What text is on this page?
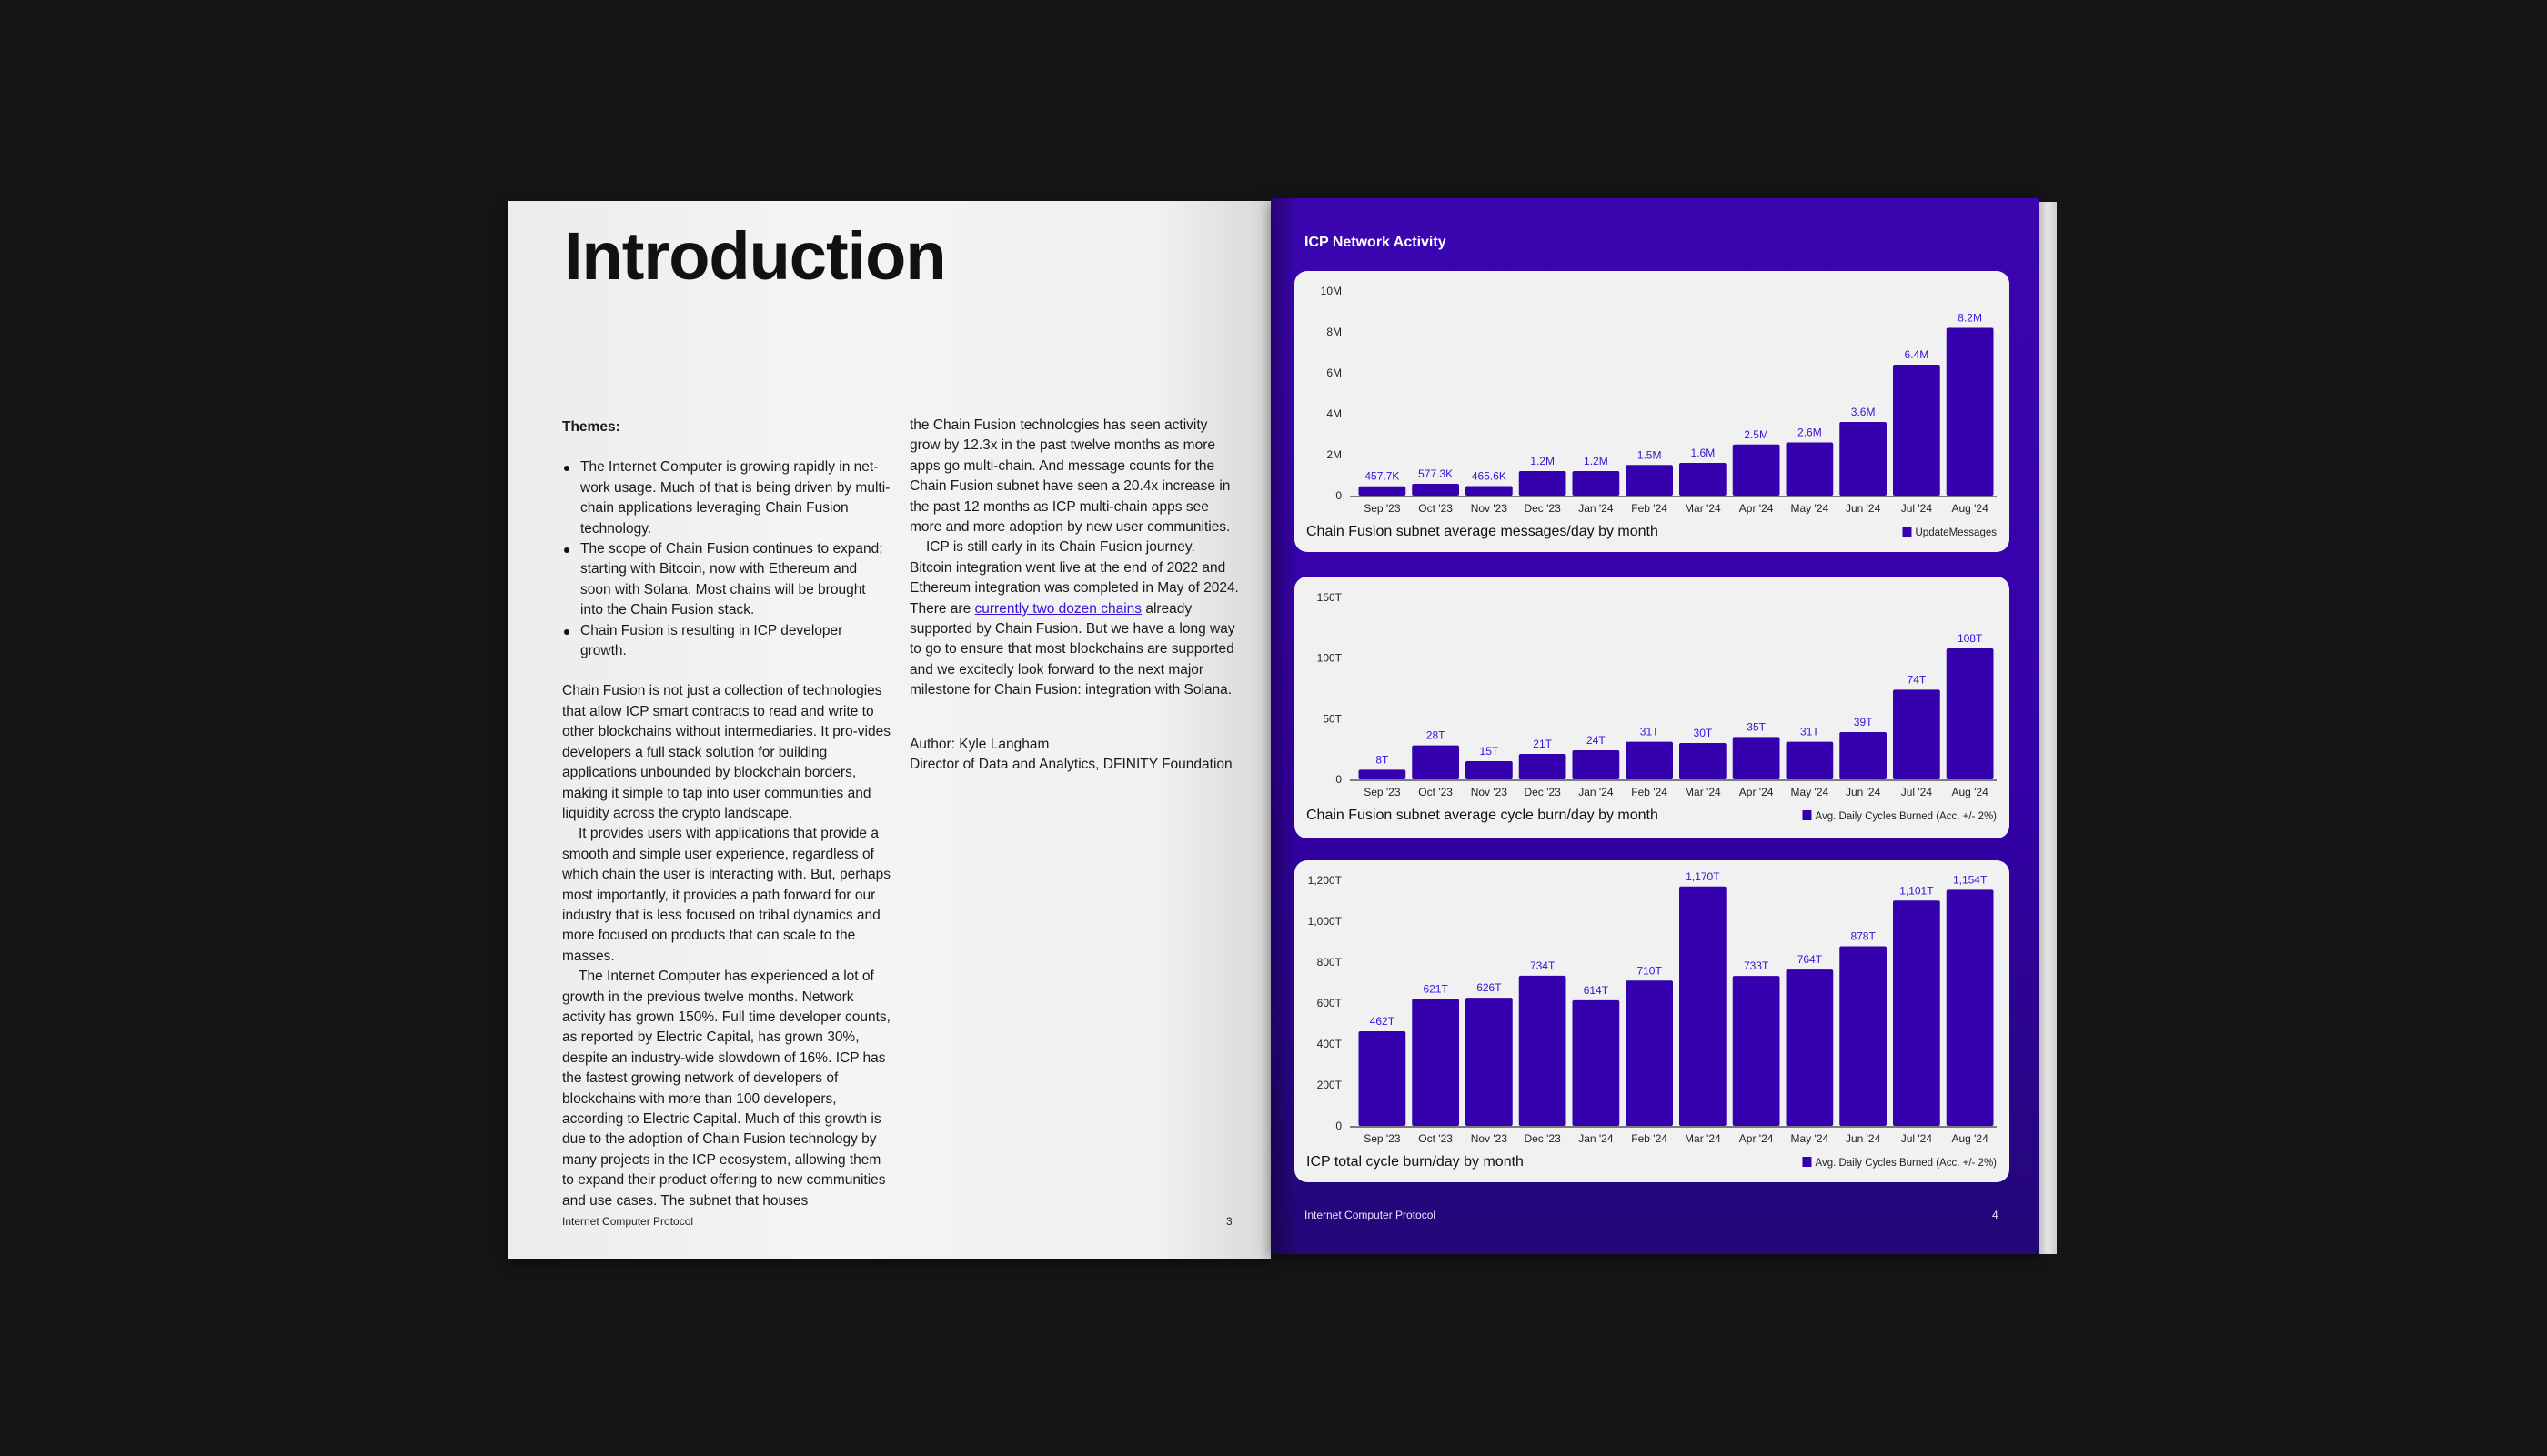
Introduction

Themes:

The Internet Computer is growing rapidly in net-work usage. Much of that is being driven by multi-chain applications leveraging Chain Fusion technology.
The scope of Chain Fusion continues to expand; starting with Bitcoin, now with Ethereum and soon with Solana. Most chains will be brought into the Chain Fusion stack.
Chain Fusion is resulting in ICP developer growth.

Chain Fusion is not just a collection of technologies that allow ICP smart contracts to read and write to other blockchains without intermediaries. It pro-vides developers a full stack solution for building applications unbounded by blockchain borders, making it simple to tap into user communities and liquidity across the crypto landscape.

It provides users with applications that provide a smooth and simple user experience, regardless of which chain the user is interacting with. But, perhaps most importantly, it provides a path forward for our industry that is less focused on tribal dynamics and more focused on products that can scale to the masses.

The Internet Computer has experienced a lot of growth in the previous twelve months. Network activity has grown 150%. Full time developer counts, as reported by Electric Capital, has grown 30%, despite an industry-wide slowdown of 16%. ICP has the fastest growing network of developers of blockchains with more than 100 developers, according to Electric Capital. Much of this growth is due to the adoption of Chain Fusion technology by many projects in the ICP ecosystem, allowing them to expand their product offering to new communities and use cases. The subnet that houses

the Chain Fusion technologies has seen activity grow by 12.3x in the past twelve months as more apps go multi-chain. And message counts for the Chain Fusion subnet have seen a 20.4x increase in the past 12 months as ICP multi-chain apps see more and more adoption by new user communities.

ICP is still early in its Chain Fusion journey. Bitcoin integration went live at the end of 2022 and Ethereum integration was completed in May of 2024. There are currently two dozen chains already supported by Chain Fusion. But we have a long way to go to ensure that most blockchains are supported and we excitedly look forward to the next major milestone for Chain Fusion: integration with Solana.

Author: Kyle Langham

Director of Data and Analytics, DFINITY Foundation

Internet Computer Protocol	3
ICP Network Activity
0
2M
4M
6M
8M
10M
457.7K
Sep '23
577.3K
Oct '23
465.6K
Nov '23
1.2M
Dec '23
1.2M
Jan '24
1.5M
Feb '24
1.6M
Mar '24
2.5M
Apr '24
2.6M
May '24
3.6M
Jun '24
6.4M
Jul '24
8.2M
Aug '24
Chain Fusion subnet average messages/day by month	UpdateMessages
0
50T
100T
150T
8T
Sep '23
28T
Oct '23
15T
Nov '23
21T
Dec '23
24T
Jan '24
31T
Feb '24
30T
Mar '24
35T
Apr '24
31T
May '24
39T
Jun '24
74T
Jul '24
108T
Aug '24
Chain Fusion subnet average cycle burn/day by month	Avg. Daily Cycles Burned (Acc. +/- 2%)
0
200T
400T
600T
800T
1,000T
1,200T
462T
Sep '23
621T
Oct '23
626T
Nov '23
734T
Dec '23
614T
Jan '24
710T
Feb '24
1,170T
Mar '24
733T
Apr '24
764T
May '24
878T
Jun '24
1,101T
Jul '24
1,154T
Aug '24
ICP total cycle burn/day by month	Avg. Daily Cycles Burned (Acc. +/- 2%)
Internet Computer Protocol	4
